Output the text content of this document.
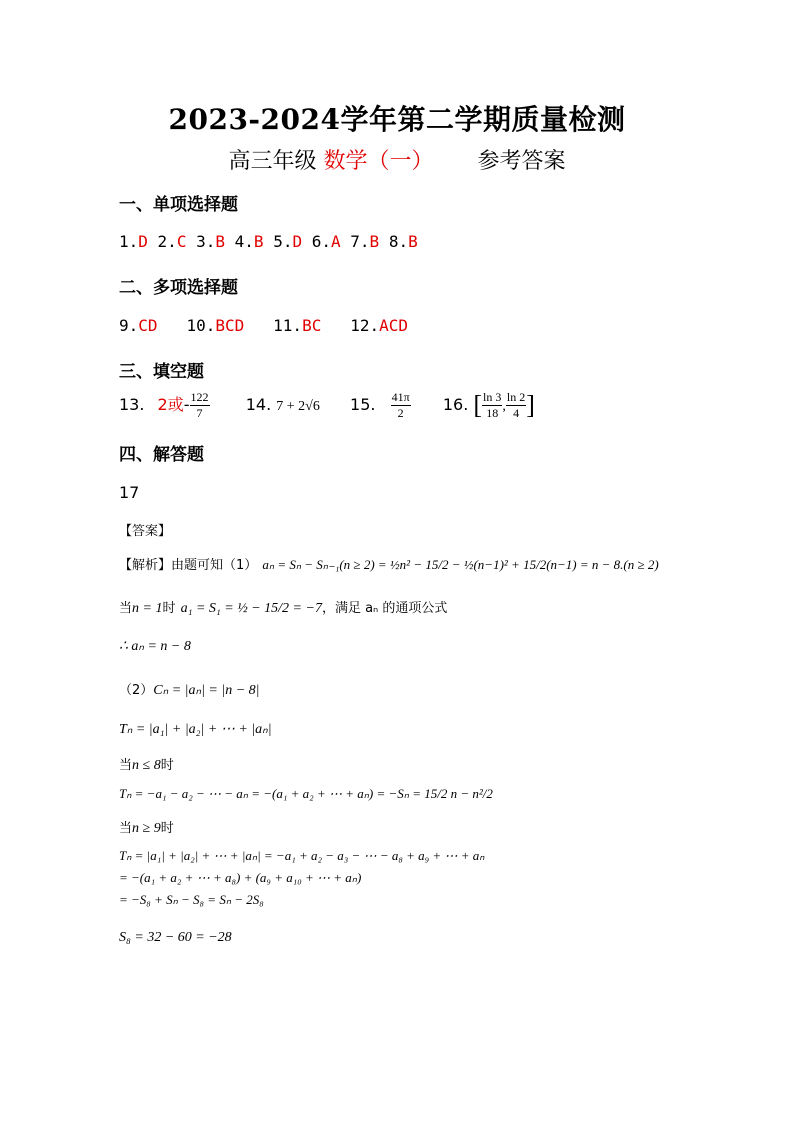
2023-2024学年第二学期质量检测
高三年级 数学（一） 参考答案
一、单项选择题
1.D 2.C 3.B 4.B 5.D 6.A 7.B 8.B
二、多项选择题
9.CD 10.BCD 11.BC 12.ACD
三、填空题
13. 2或- $\frac{122}{7} 14$. 7 + 2√6 15. $\frac{41\pi}{2} 16$. [ $\frac{\ln 3}{18}$ , $\frac{\ln 2}{4}$ ]
四、解答题
17
【答案】
【解析】由题可知（1） aₙ = Sₙ − Sₙ₋₁(n ≥ 2) = ½n² − 15/2 − ½(n−1)² + 15/2(n−1) = n − 8.(n ≥ 2)
当n = 1时 a₁ = S₁ = ½ − 15/2 = −7，满足 aₙ 的通项公式
∴ aₙ = n − 8
（2）Cₙ = |aₙ| = |n − 8|
Tₙ = |a₁| + |a₂| + ⋯ + |aₙ|
当n ≤ 8时
Tₙ = −a₁ − a₂ − ⋯ − aₙ = −(a₁ + a₂ + ⋯ + aₙ) = −Sₙ = 15/2 n − n²/2
当n ≥ 9时
Tₙ = |a₁| + |a₂| + ⋯ + |aₙ| = −a₁ + a₂ − a₃ − ⋯ − a₈ + a₉ + ⋯ + aₙ
= −(a₁ + a₂ + ⋯ + a₈) + (a₉ + a₁₀ + ⋯ + aₙ)
= −S₈ + Sₙ − S₈ = Sₙ − 2S₈
S₈ = 32 − 60 = −28
